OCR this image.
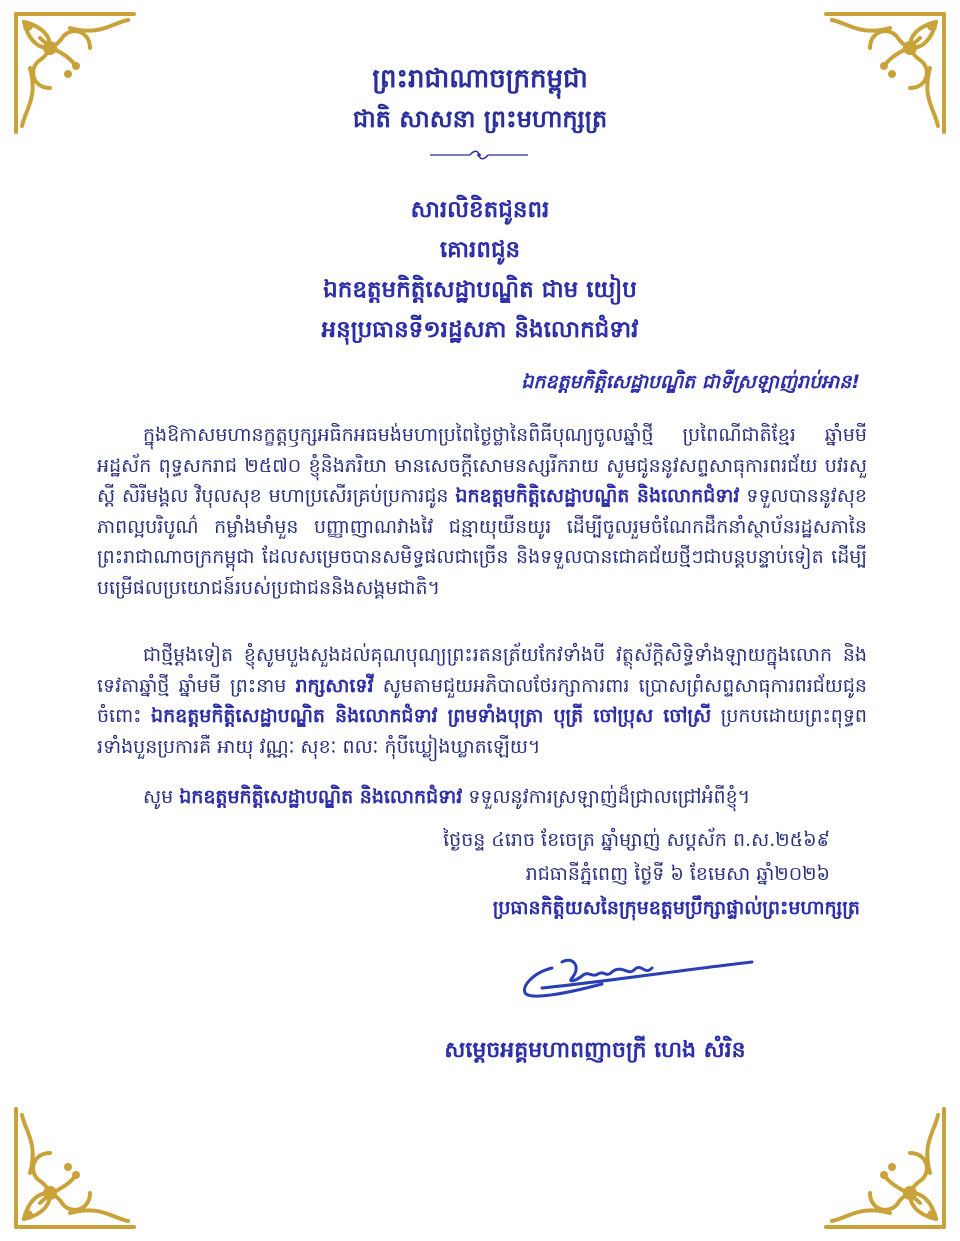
ព្រះរាជាណាចក្រកម្ពុជា
ជាតិ សាសនា ព្រះមហាក្សត្រ
សារលិខិតជូនពរ
គោរពជូន
ឯកឧត្តមកិត្តិសេដ្ឋាបណ្ឌិត ជាម យៀប
អនុប្រធានទី១រដ្ឋសភា និងលោកជំទាវ
ឯកឧត្តមកិត្តិសេដ្ឋាបណ្ឌិត ជាទីស្រឡាញ់រាប់អាន!
ក្នុងឱកាសមហានក្ខត្តឫក្សអធិកអធមង់មហាប្រពៃថ្ងៃថ្លានៃពិធីបុណ្យចូលឆ្នាំថ្មី ប្រពៃណីជាតិខ្មែរ ឆ្នាំមមី អដ្ឋស័ក ពុទ្ធសករាជ ២៥៧០ ខ្ញុំនិងភរិយា មានសេចក្តីសោមនស្សរីករាយ សូមជូននូវសព្ទសាធុការពរជ័យ បវរសួស្តី សិរីមង្គល វិបុលសុខ មហាប្រសើរគ្រប់ប្រការជូន ឯកឧត្តមកិត្តិសេដ្ឋាបណ្ឌិត និងលោកជំទាវ ទទួលបាននូវសុខភាពល្អបរិបូណ៌ កម្លាំងមាំមួន បញ្ញាញាណវាងវៃ ជន្មាយុយឺនយូរ ដើម្បីចូលរួមចំណែកដឹកនាំស្ថាប័នរដ្ឋសភានៃព្រះរាជាណាចក្រកម្ពុជា ដែលសម្រេចបានសមិទ្ធផលជាច្រើន និងទទួលបានជោគជ័យថ្មីៗជាបន្តបន្ទាប់ទៀត ដើម្បីបម្រើផលប្រយោជន៍របស់ប្រជាជននិងសង្គមជាតិ។
ជាថ្មីម្តងទៀត ខ្ញុំសូមបួងសួងដល់គុណបុណ្យព្រះរតនត្រ័យកែវទាំងបី វត្ថុស័ក្តិសិទ្ធិទាំងឡាយក្នុងលោក និងទេវតាឆ្នាំថ្មី ឆ្នាំមមី ព្រះនាម រាក្សសាទេវី សូមតាមជួយអភិបាលថែរក្សាការពារ ប្រោសព្រំសព្ទសាធុការពរជ័យជូនចំពោះ ឯកឧត្តមកិត្តិសេដ្ឋាបណ្ឌិត និងលោកជំទាវ ព្រមទាំងបុត្រា បុត្រី ចៅប្រុស ចៅស្រី ប្រកបដោយព្រះពុទ្ធពរទាំងបួនប្រការគឺ អាយុ វណ្ណៈ សុខៈ ពលៈ កុំបីឃ្លៀងឃ្លាតឡើយ។
សូម ឯកឧត្តមកិត្តិសេដ្ឋាបណ្ឌិត និងលោកជំទាវ ទទួលនូវការស្រឡាញ់ដ៏ជ្រាលជ្រៅអំពីខ្ញុំ។
ថ្ងៃចន្ទ ៤រោច ខែចេត្រ ឆ្នាំម្សាញ់ សប្តស័ក ព.ស.២៥៦៩
រាជធានីភ្នំពេញ ថ្ងៃទី ៦ ខែមេសា ឆ្នាំ២០២៦
ប្រធានកិត្តិយសនៃក្រុមឧត្តមប្រឹក្សាផ្ទាល់ព្រះមហាក្សត្រ
សម្តេចអគ្គមហាពញាចក្រី ហេង សំរិន
